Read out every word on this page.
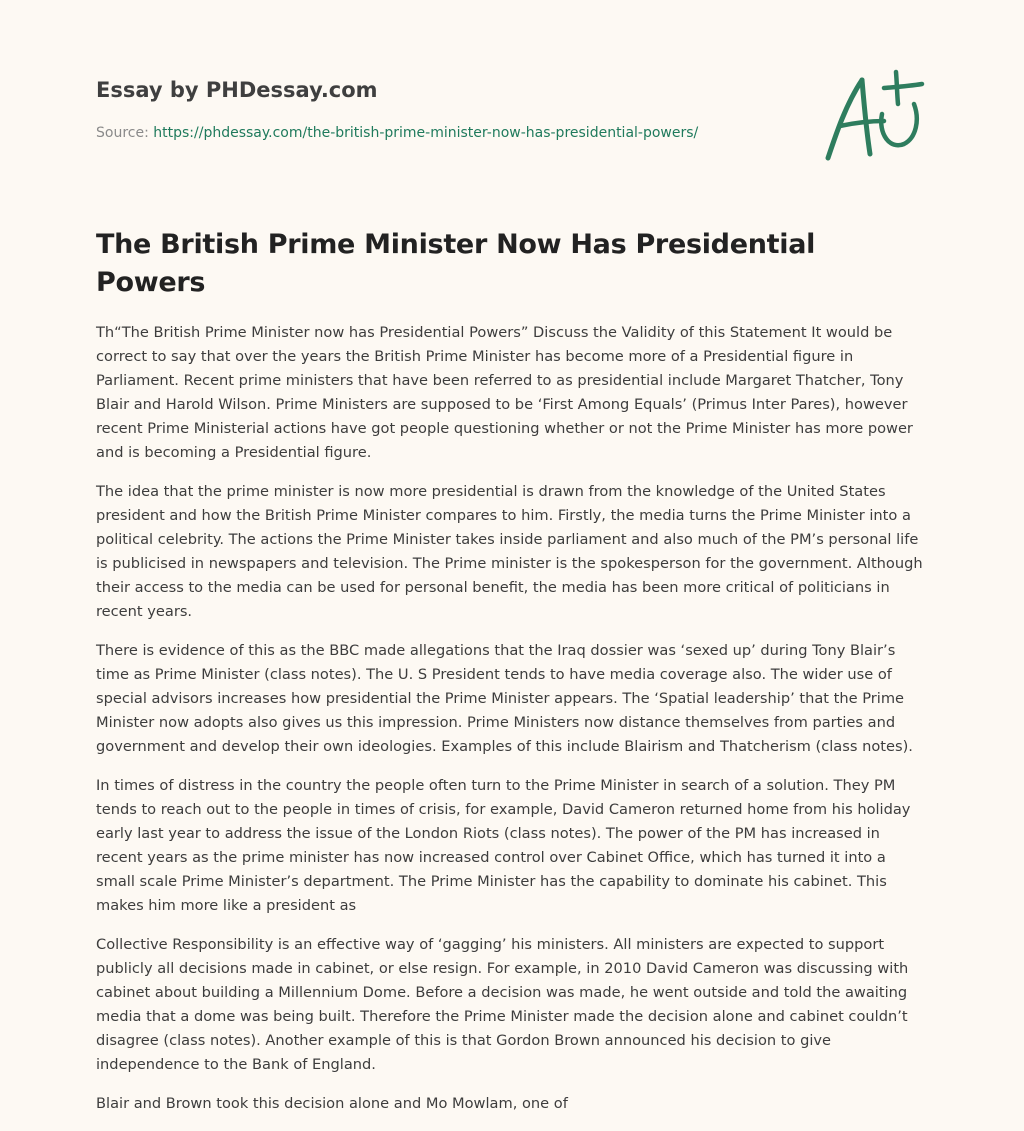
Essay by PHDessay.com
Source: https://phdessay.com/the-british-prime-minister-now-has-presidential-powers/
The British Prime Minister Now Has Presidential Powers

Th“The British Prime Minister now has Presidential Powers” Discuss the Validity of this Statement It would be correct to say that over the years the British Prime Minister has become more of a Presidential figure in Parliament. Recent prime ministers that have been referred to as presidential include Margaret Thatcher, Tony Blair and Harold Wilson. Prime Ministers are supposed to be ‘First Among Equals’ (Primus Inter Pares), however recent Prime Ministerial actions have got people questioning whether or not the Prime Minister has more power and is becoming a Presidential figure.

The idea that the prime minister is now more presidential is drawn from the knowledge of the United States president and how the British Prime Minister compares to him. Firstly, the media turns the Prime Minister into a political celebrity. The actions the Prime Minister takes inside parliament and also much of the PM’s personal life is publicised in newspapers and television. The Prime minister is the spokesperson for the government. Although their access to the media can be used for personal benefit, the media has been more critical of politicians in recent years.

There is evidence of this as the BBC made allegations that the Iraq dossier was ‘sexed up’ during Tony Blair’s time as Prime Minister (class notes). The U. S President tends to have media coverage also. The wider use of special advisors increases how presidential the Prime Minister appears. The ‘Spatial leadership’ that the Prime Minister now adopts also gives us this impression. Prime Ministers now distance themselves from parties and government and develop their own ideologies. Examples of this include Blairism and Thatcherism (class notes).

In times of distress in the country the people often turn to the Prime Minister in search of a solution. They PM tends to reach out to the people in times of crisis, for example, David Cameron returned home from his holiday early last year to address the issue of the London Riots (class notes). The power of the PM has increased in recent years as the prime minister has now increased control over Cabinet Office, which has turned it into a small scale Prime Minister’s department. The Prime Minister has the capability to dominate his cabinet. This makes him more like a president as

Collective Responsibility is an effective way of ‘gagging’ his ministers. All ministers are expected to support publicly all decisions made in cabinet, or else resign. For example, in 2010 David Cameron was discussing with cabinet about building a Millennium Dome. Before a decision was made, he went outside and told the awaiting media that a dome was being built. Therefore the Prime Minister made the decision alone and cabinet couldn’t disagree (class notes). Another example of this is that Gordon Brown announced his decision to give independence to the Bank of England.

Blair and Brown took this decision alone and Mo Mowlam, one of
